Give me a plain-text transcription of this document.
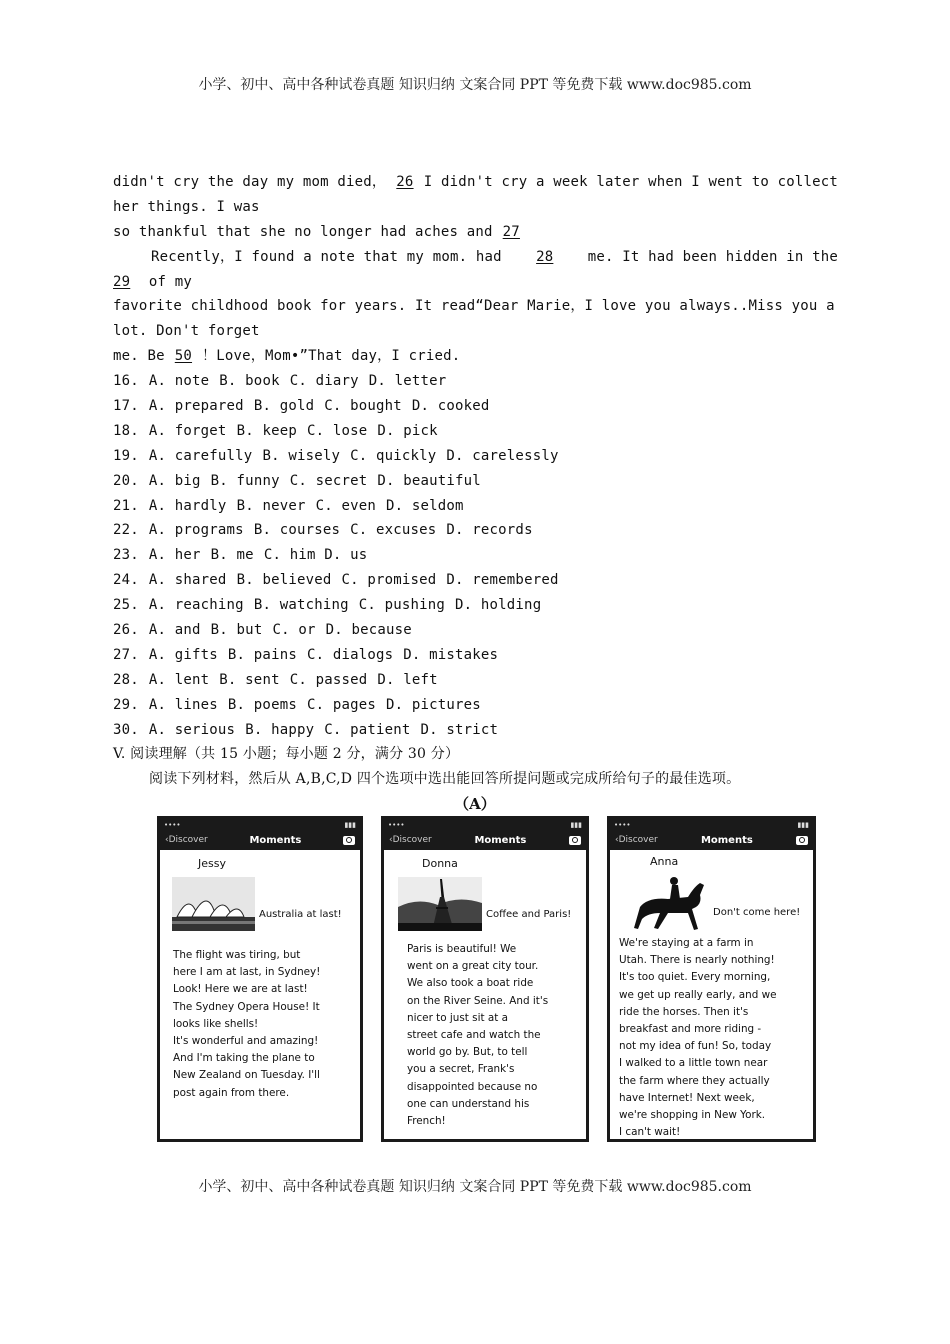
小学、初中、高中各种试卷真题 知识归纳 文案合同 PPT 等免费下载 www.doc985.com
didn't cry the day my mom died， 26 I didn't cry a week later when I went to collect
her things. I was
so thankful that she no longer had aches and 27
Recently，I found a note that my mom. had	28	me. It had been hidden in the
29 of my
favorite childhood book for years. It read“Dear Marie，I love you always..Miss you a
lot. Don't forget
me. Be 50 ！Love，Mom•”That day，I cried.
16. A. note B. book C. diary D. letter
17. A. prepared B. gold C. bought D. cooked
18. A. forget B. keep C. lose D. pick
19. A. carefully B. wisely C. quickly D. carelessly
20. A. big B. funny C. secret D. beautiful
21. A. hardly B. never C. even D. seldom
22. A. programs B. courses C. excuses D. records
23. A. her B. me C. him D. us
24. A. shared B. believed C. promised D. remembered
25. A. reaching B. watching C. pushing D. holding
26. A. and B. but C. or D. because
27. A. gifts B. pains C. dialogs D. mistakes
28. A. lent B. sent C. passed D. left
29. A. lines B. poems C. pages D. pictures
30. A. serious B. happy C. patient D. strict
V. 阅读理解（共 15 小题；每小题 2 分，满分 30 分）
阅读下列材料，然后从 A,B,C,D 四个选项中选出能回答所提问题或完成所给句子的最佳选项。
（A）
••••	▮▮▮
‹Discover	Moments
Jessy
Australia at last!
The flight was tiring, but
here I am at last, in Sydney!
Look! Here we are at last!
The Sydney Opera House! It
looks like shells!
It's wonderful and amazing!
And I'm taking the plane to
New Zealand on Tuesday. I'll
post again from there.
••••	▮▮▮
‹Discover	Moments
Donna
Coffee and Paris!
Paris is beautiful! We
went on a great city tour.
We also took a boat ride
on the River Seine. And it's
nicer to just sit at a
street cafe and watch the
world go by. But, to tell
you a secret, Frank's
disappointed because no
one can understand his
French!
••••	▮▮▮
‹Discover	Moments
Anna
Don't come here!
We're staying at a farm in
Utah. There is nearly nothing!
It's too quiet. Every morning,
we get up really early, and we
ride the horses. Then it's
breakfast and more riding -
not my idea of fun! So, today
I walked to a little town near
the farm where they actually
have Internet! Next week,
we're shopping in New York.
I can't wait!
小学、初中、高中各种试卷真题 知识归纳 文案合同 PPT 等免费下载 www.doc985.com
